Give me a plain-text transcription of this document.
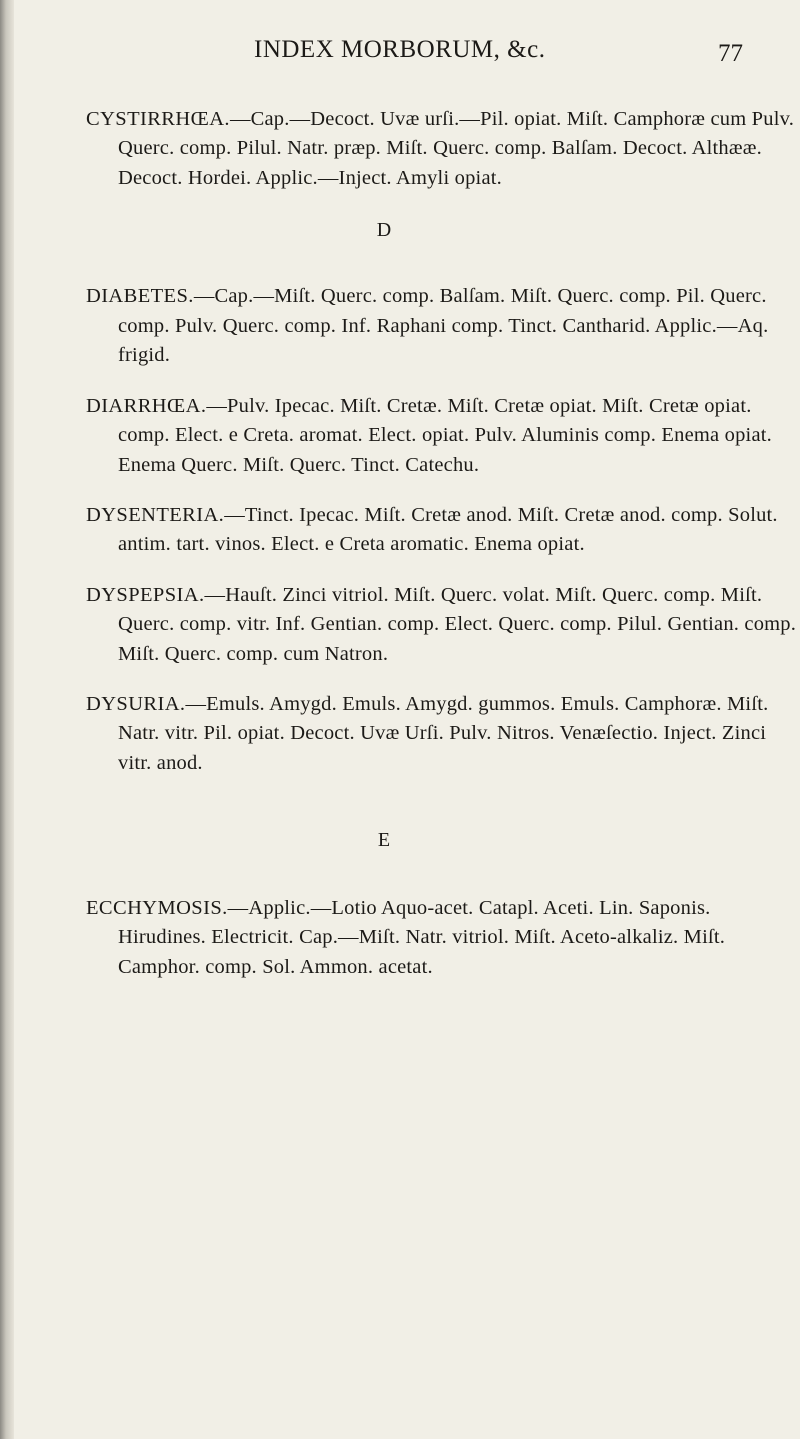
INDEX MORBORUM, &c.	77

CYSTIRRHŒA.—Cap.—Decoct. Uvæ urſi.—Pil. opiat. Miſt. Camphoræ cum Pulv. Querc. comp. Pilul. Natr. præp. Miſt. Querc. comp. Balſam. Decoct. Althææ. Decoct. Hordei. Applic.—Inject. Amyli opiat.

D

DIABETES.—Cap.—Miſt. Querc. comp. Balſam. Miſt. Querc. comp. Pil. Querc. comp. Pulv. Querc. comp. Inf. Raphani comp. Tinct. Cantharid. Applic.—Aq. frigid.

DIARRHŒA.—Pulv. Ipecac. Miſt. Cretæ. Miſt. Cretæ opiat. Miſt. Cretæ opiat. comp. Elect. e Creta. aromat. Elect. opiat. Pulv. Aluminis comp. Enema opiat. Enema Querc. Miſt. Querc. Tinct. Catechu.

DYSENTERIA.—Tinct. Ipecac. Miſt. Cretæ anod. Miſt. Cretæ anod. comp. Solut. antim. tart. vinos. Elect. e Creta aromatic. Enema opiat.

DYSPEPSIA.—Hauſt. Zinci vitriol. Miſt. Querc. volat. Miſt. Querc. comp. Miſt. Querc. comp. vitr. Inf. Gentian. comp. Elect. Querc. comp. Pilul. Gentian. comp. Miſt. Querc. comp. cum Natron.

DYSURIA.—Emuls. Amygd. Emuls. Amygd. gummos. Emuls. Camphoræ. Miſt. Natr. vitr. Pil. opiat. Decoct. Uvæ Urſi. Pulv. Nitros. Venæſectio. Inject. Zinci vitr. anod.

E

ECCHYMOSIS.—Applic.—Lotio Aquo-acet. Catapl. Aceti. Lin. Saponis. Hirudines. Electricit. Cap.—Miſt. Natr. vitriol. Miſt. Aceto-alkaliz. Miſt. Camphor. comp. Sol. Ammon. acetat.
